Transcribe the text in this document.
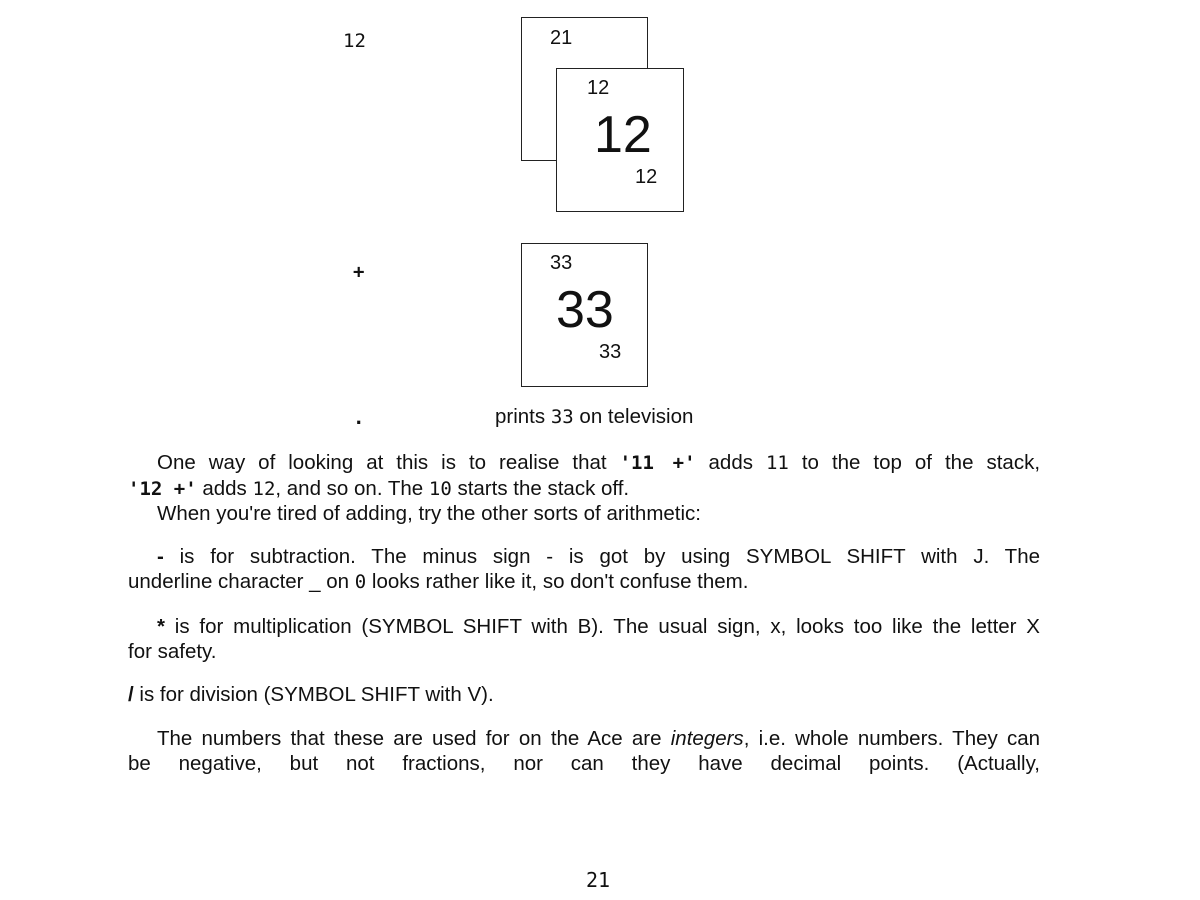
12
+
.
21
12
12
12
33
33
33
prints 33 on television
One way of looking at this is to realise that '11 +' adds 11 to the top of the stack,
'12 +' adds 12, and so on. The 10 starts the stack off.
When you're tired of adding, try the other sorts of arithmetic:
- is for subtraction. The minus sign - is got by using SYMBOL SHIFT with J. The
underline character _ on 0 looks rather like it, so don't confuse them.
* is for multiplication (SYMBOL SHIFT with B). The usual sign, x, looks too like the letter X
for safety.
/ is for division (SYMBOL SHIFT with V).
The numbers that these are used for on the Ace are integers, i.e. whole numbers. They can
be negative, but not fractions, nor can they have decimal points. (Actually,
21
